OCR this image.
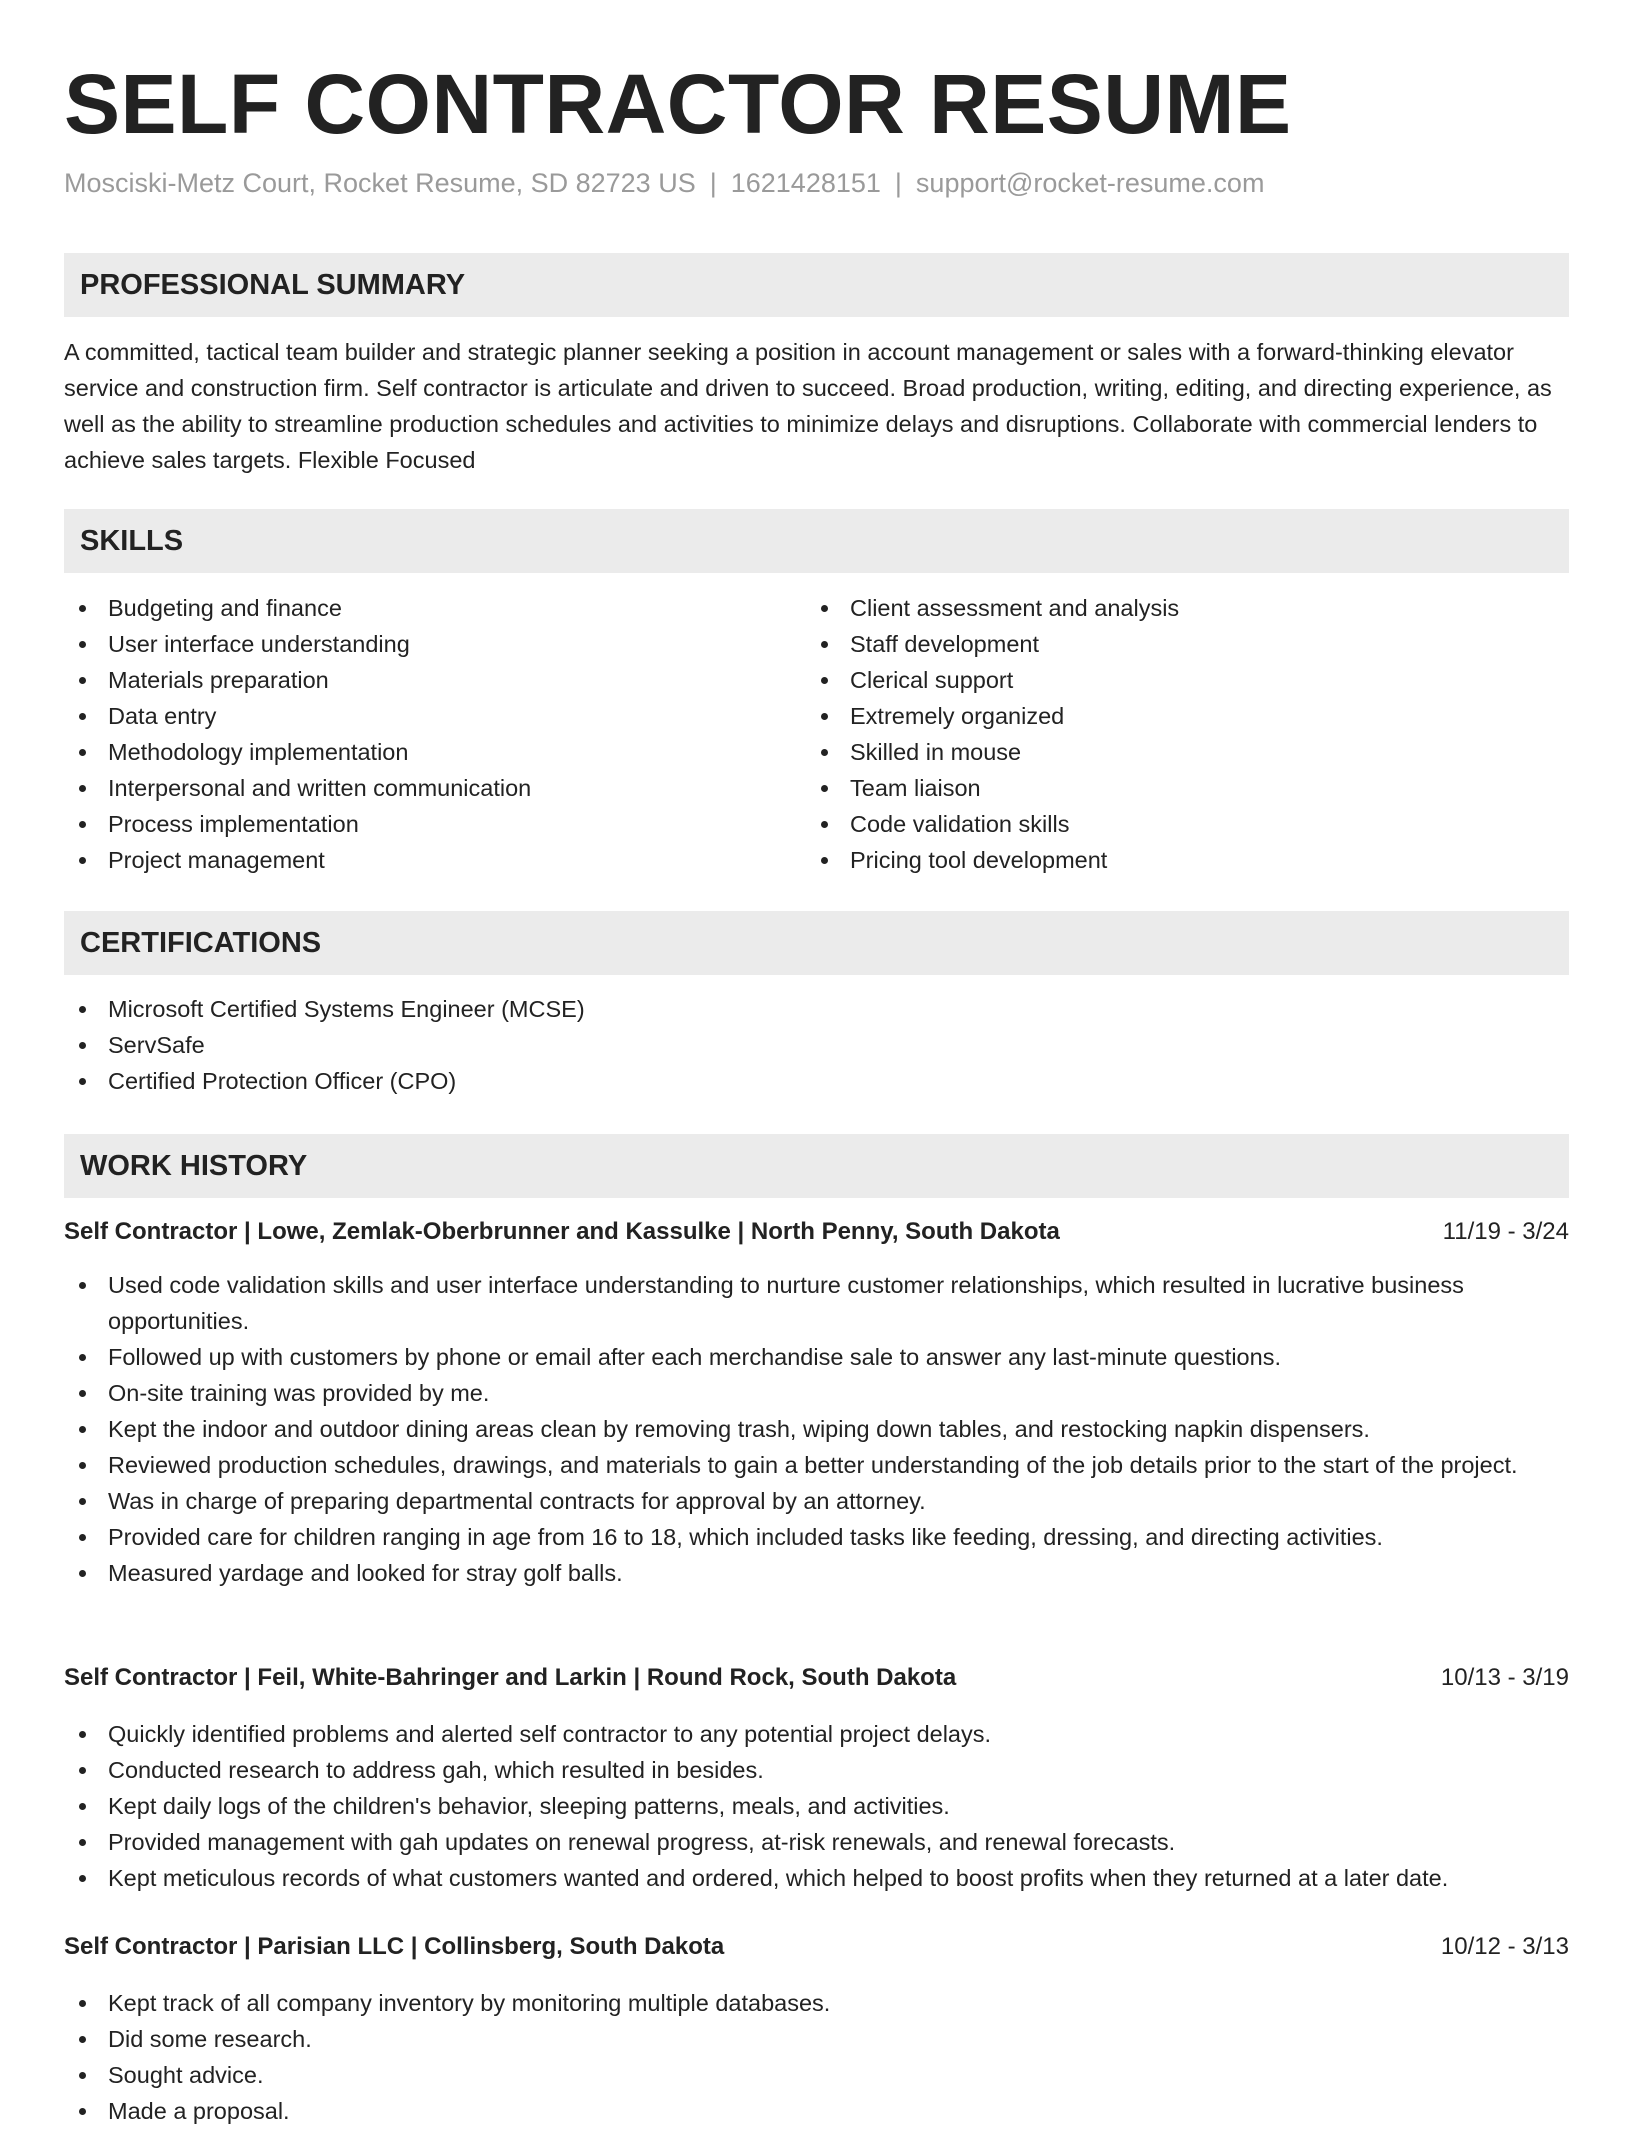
SELF CONTRACTOR RESUME
Mosciski-Metz Court, Rocket Resume, SD 82723 US | 1621428151 | support@rocket-resume.com
PROFESSIONAL SUMMARY

A committed, tactical team builder and strategic planner seeking a position in account management or sales with a forward-thinking elevator service and construction firm. Self contractor is articulate and driven to succeed. Broad production, writing, editing, and directing experience, as well as the ability to streamline production schedules and activities to minimize delays and disruptions. Collaborate with commercial lenders to achieve sales targets. Flexible Focused

SKILLS
Budgeting and finance
User interface understanding
Materials preparation
Data entry
Methodology implementation
Interpersonal and written communication
Process implementation
Project management
Client assessment and analysis
Staff development
Clerical support
Extremely organized
Skilled in mouse
Team liaison
Code validation skills
Pricing tool development
CERTIFICATIONS
Microsoft Certified Systems Engineer (MCSE)
ServSafe
Certified Protection Officer (CPO)
WORK HISTORY
Self Contractor | Lowe, Zemlak-Oberbrunner and Kassulke | North Penny, South Dakota	11/19 - 3/24
Used code validation skills and user interface understanding to nurture customer relationships, which resulted in lucrative business opportunities.
Followed up with customers by phone or email after each merchandise sale to answer any last-minute questions.
On-site training was provided by me.
Kept the indoor and outdoor dining areas clean by removing trash, wiping down tables, and restocking napkin dispensers.
Reviewed production schedules, drawings, and materials to gain a better understanding of the job details prior to the start of the project.
Was in charge of preparing departmental contracts for approval by an attorney.
Provided care for children ranging in age from 16 to 18, which included tasks like feeding, dressing, and directing activities.
Measured yardage and looked for stray golf balls.
Self Contractor | Feil, White-Bahringer and Larkin | Round Rock, South Dakota	10/13 - 3/19
Quickly identified problems and alerted self contractor to any potential project delays.
Conducted research to address gah, which resulted in besides.
Kept daily logs of the children's behavior, sleeping patterns, meals, and activities.
Provided management with gah updates on renewal progress, at-risk renewals, and renewal forecasts.
Kept meticulous records of what customers wanted and ordered, which helped to boost profits when they returned at a later date.
Self Contractor | Parisian LLC | Collinsberg, South Dakota	10/12 - 3/13
Kept track of all company inventory by monitoring multiple databases.
Did some research.
Sought advice.
Made a proposal.
